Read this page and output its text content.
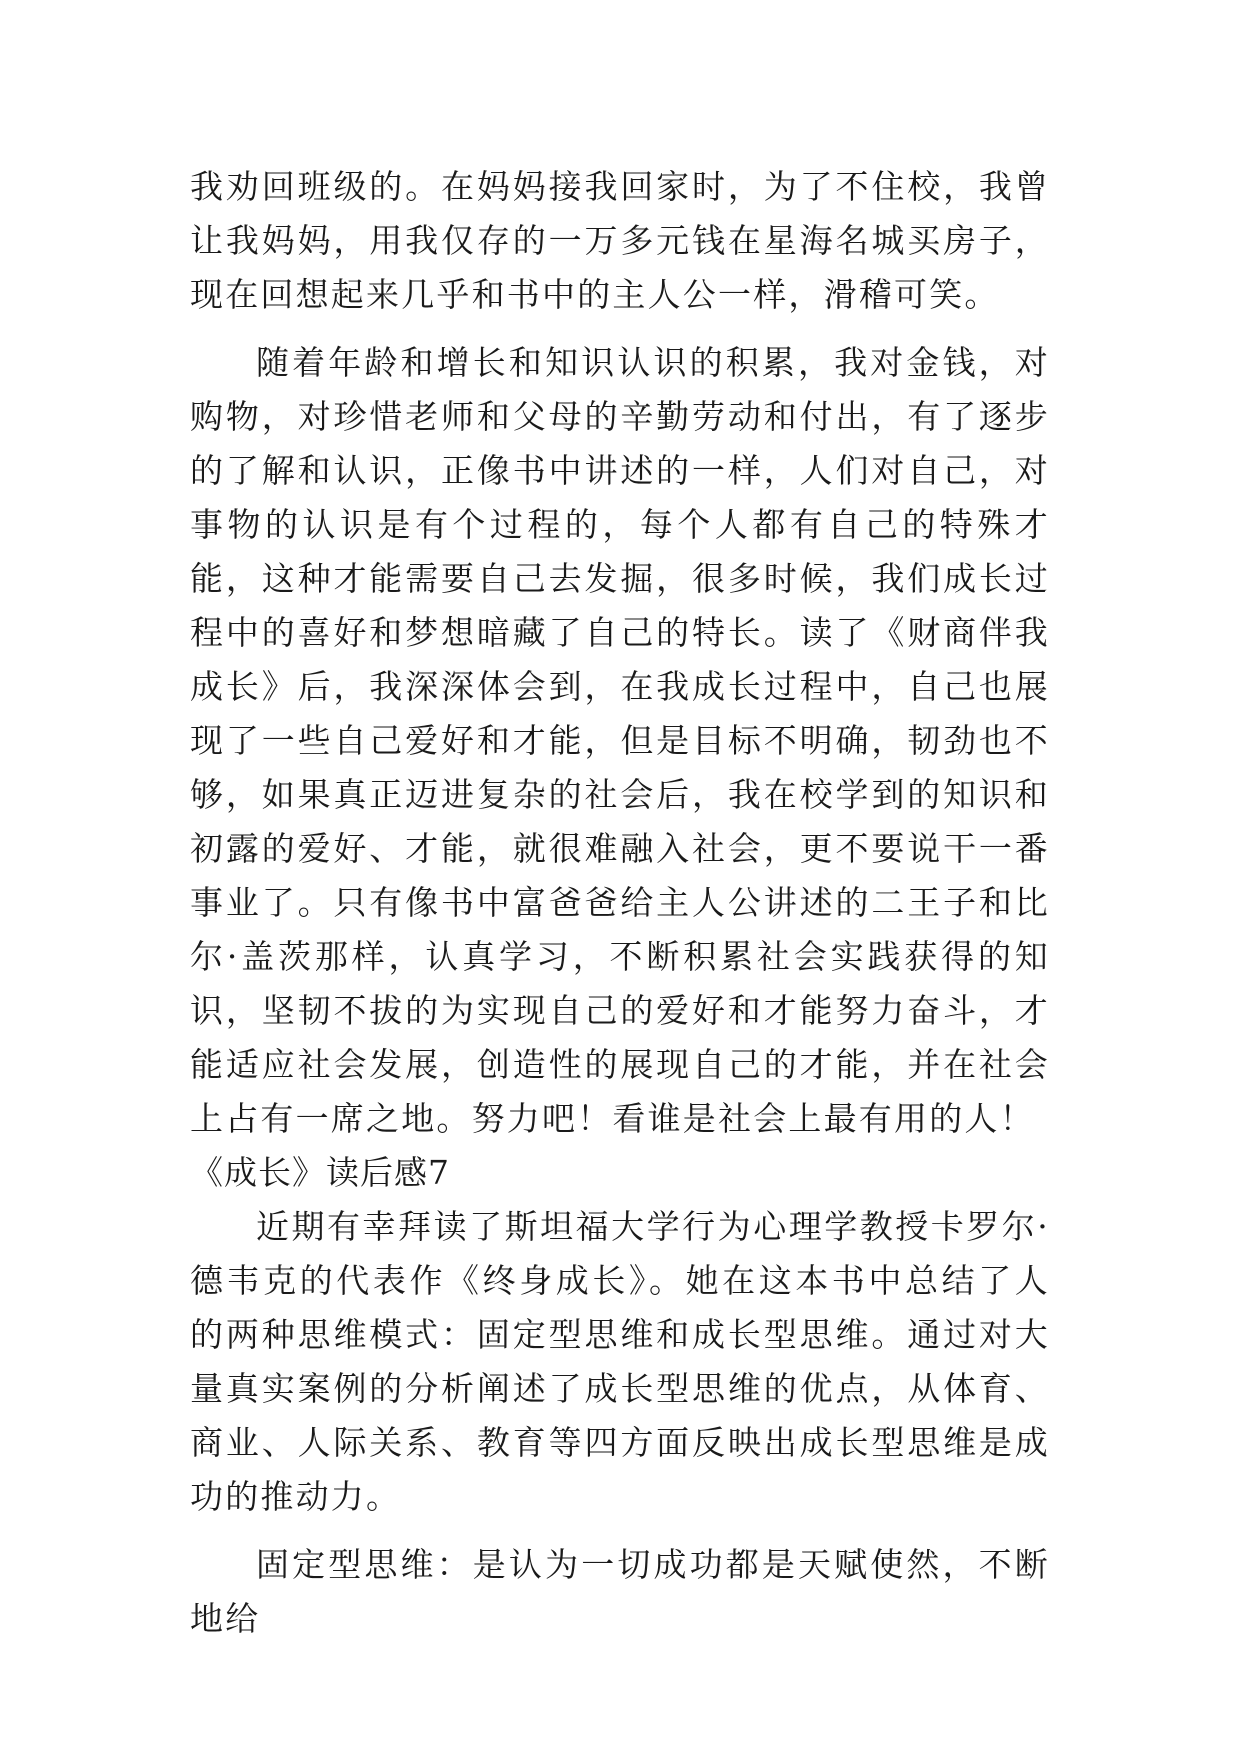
我劝回班级的。在妈妈接我回家时，为了不住校，我曾让我妈妈，用我仅存的一万多元钱在星海名城买房子，现在回想起来几乎和书中的主人公一样，滑稽可笑。

随着年龄和增长和知识认识的积累，我对金钱，对购物，对珍惜老师和父母的辛勤劳动和付出，有了逐步的了解和认识，正像书中讲述的一样，人们对自己，对事物的认识是有个过程的，每个人都有自己的特殊才能，这种才能需要自己去发掘，很多时候，我们成长过程中的喜好和梦想暗藏了自己的特长。读了《财商伴我成长》后，我深深体会到，在我成长过程中，自己也展现了一些自己爱好和才能，但是目标不明确，韧劲也不够，如果真正迈进复杂的社会后，我在校学到的知识和初露的爱好、才能，就很难融入社会，更不要说干一番事业了。只有像书中富爸爸给主人公讲述的二王子和比尔·盖茨那样，认真学习，不断积累社会实践获得的知识，坚韧不拔的为实现自己的爱好和才能努力奋斗，才能适应社会发展，创造性的展现自己的才能，并在社会上占有一席之地。努力吧！看谁是社会上最有用的人！

《成长》读后感7

近期有幸拜读了斯坦福大学行为心理学教授卡罗尔·德韦克的代表作《终身成长》。她在这本书中总结了人的两种思维模式：固定型思维和成长型思维。通过对大量真实案例的分析阐述了成长型思维的优点，从体育、商业、人际关系、教育等四方面反映出成长型思维是成功的推动力。

固定型思维：是认为一切成功都是天赋使然，不断地给
